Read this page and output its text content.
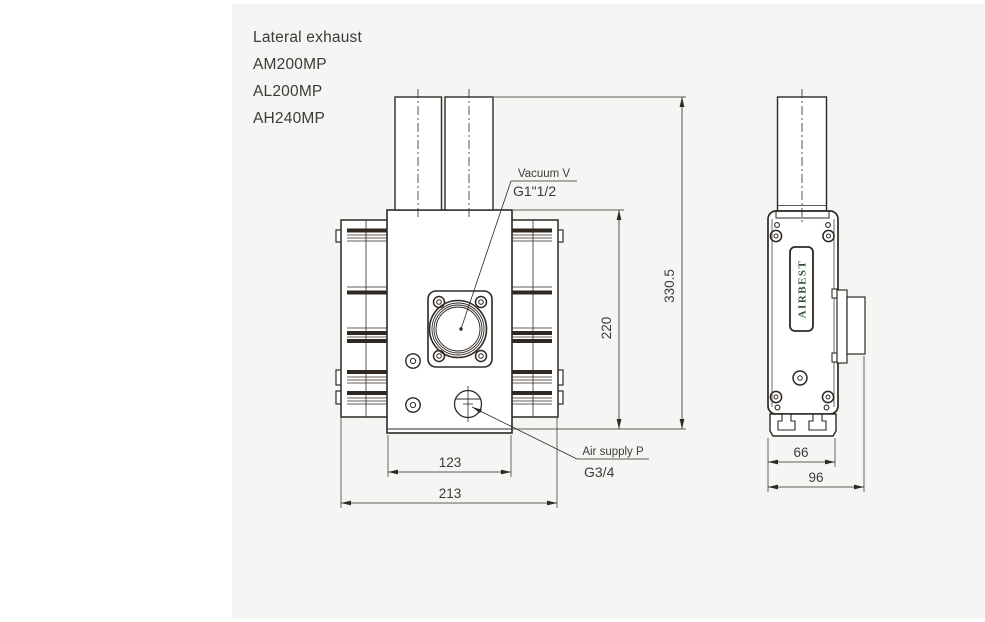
Lateral exhaust
AM200MP
AL200MP
AH240MP
220
330.5
123
213
Vacuum V
G1"1/2
Air supply P
G3/4
AIRBEST
66
96
